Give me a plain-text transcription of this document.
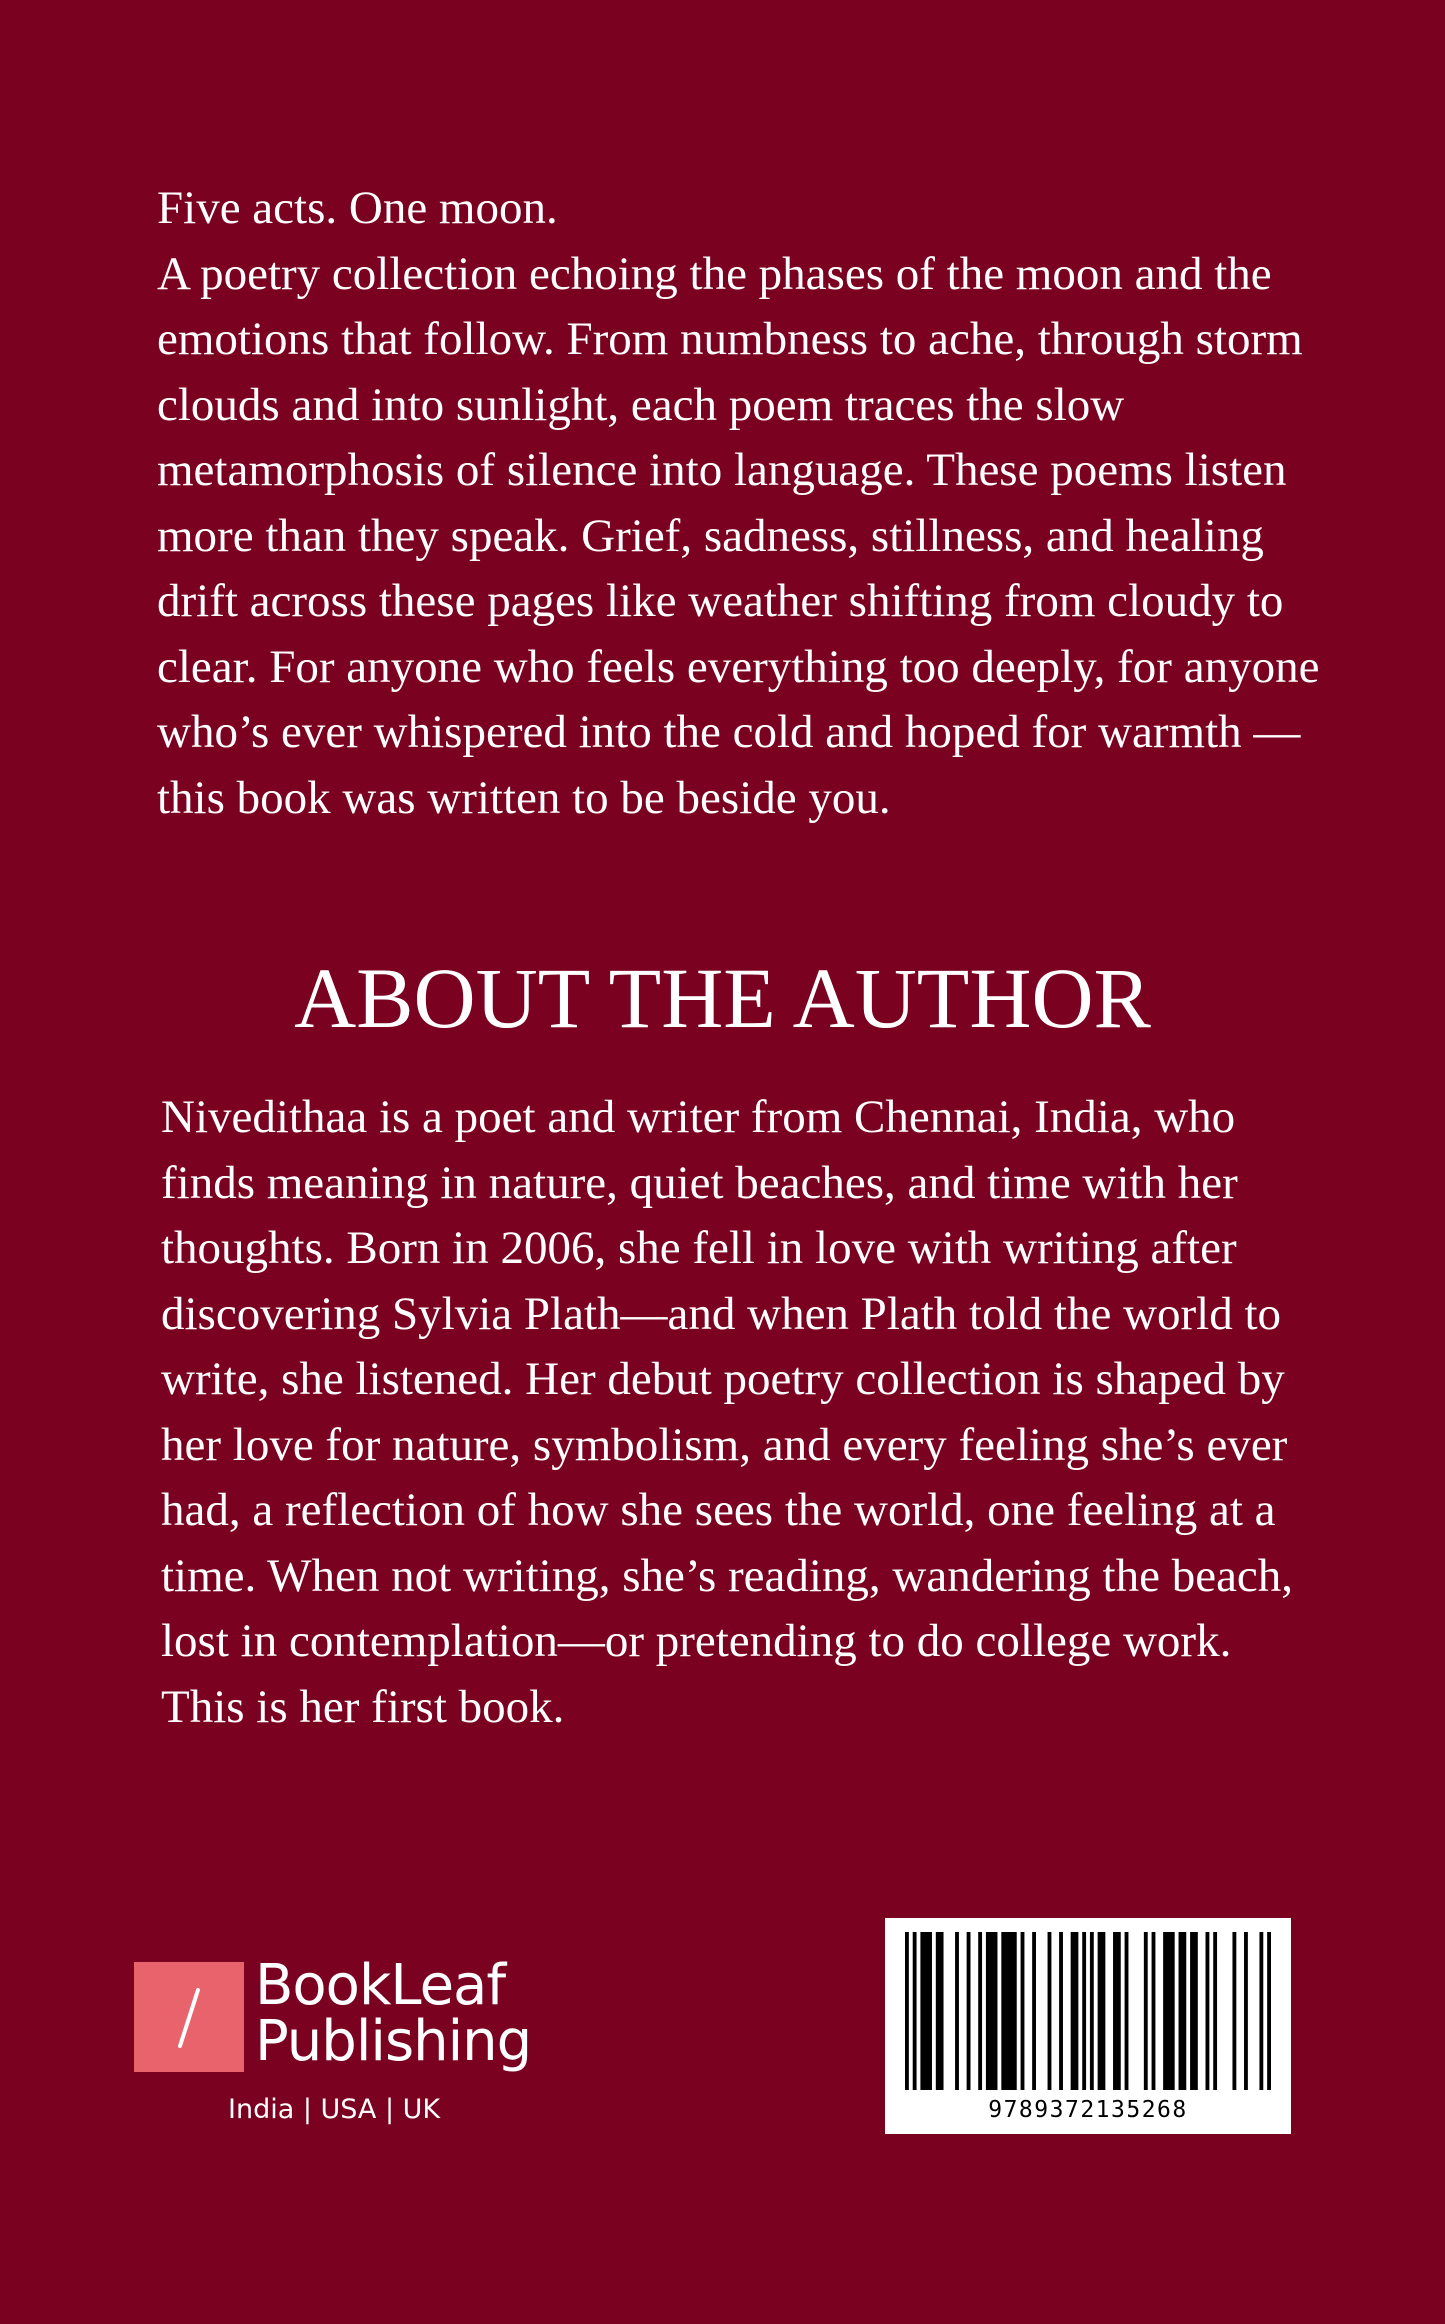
Five acts. One moon.

A poetry collection echoing the phases of the moon and the emotions that follow. From numbness to ache, through storm clouds and into sunlight, each poem traces the slow metamorphosis of silence into language. These poems listen more than they speak. Grief, sadness, stillness, and healing drift across these pages like weather shifting from cloudy to clear. For anyone who feels everything too deeply, for anyone who’s ever whispered into the cold and hoped for warmth — this book was written to be beside you.

ABOUT THE AUTHOR

Nivedithaa is a poet and writer from Chennai, India, who finds meaning in nature, quiet beaches, and time with her thoughts. Born in 2006, she fell in love with writing after discovering Sylvia Plath—and when Plath told the world to write, she listened. Her debut poetry collection is shaped by her love for nature, symbolism, and every feeling she’s ever had, a reflection of how she sees the world, one feeling at a time. When not writing, she’s reading, wandering the beach, lost in contemplation—or pretending to do college work. This is her first book.

BookLeaf
Publishing
India | USA | UK	9789372135268
